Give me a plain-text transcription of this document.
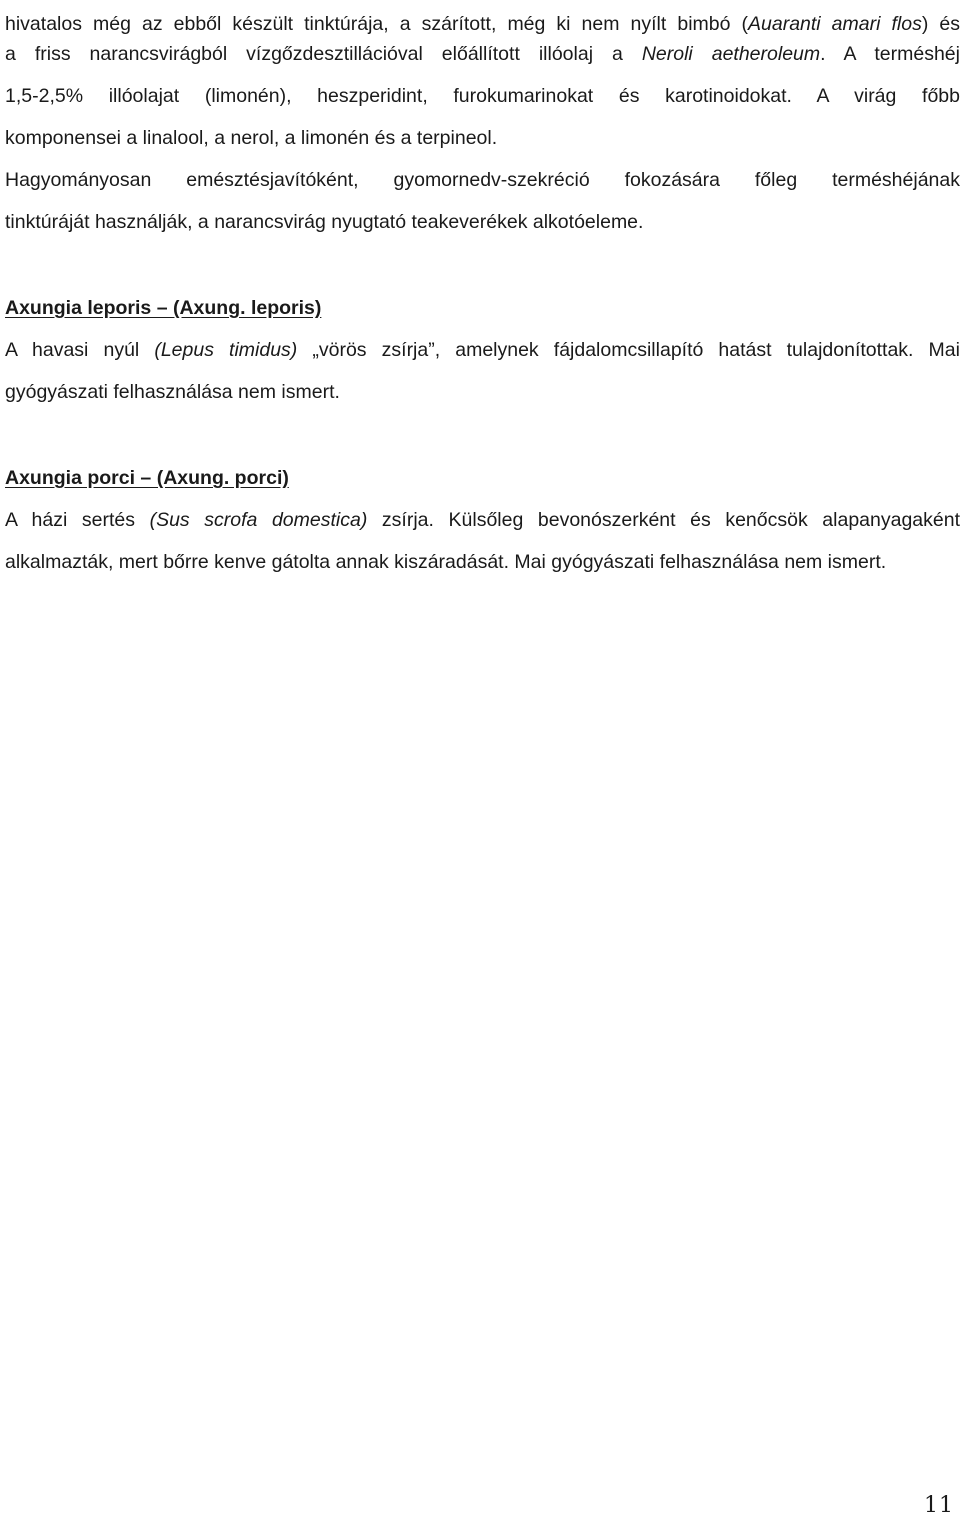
hivatalos még az ebből készült tinktúrája, a szárított, még ki nem nyílt bimbó (Auaranti amari flos) és
a friss narancsvirágból vízgőzdesztillációval előállított illóolaj a Neroli aetheroleum. A terméshéj
1,5-2,5% illóolajat (limonén), heszperidint, furokumarinokat és karotinoidokat. A virág főbb
komponensei a linalool, a nerol, a limonén és a terpineol.
Hagyományosan emésztésjavítóként, gyomornedv-szekréció fokozására főleg terméshéjának
tinktúráját használják, a narancsvirág nyugtató teakeverékek alkotóeleme.
Axungia leporis – (Axung. leporis)
A havasi nyúl (Lepus timidus) „vörös zsírja”, amelynek fájdalomcsillapító hatást tulajdonítottak. Mai
gyógyászati felhasználása nem ismert.
Axungia porci – (Axung. porci)
A házi sertés (Sus scrofa domestica) zsírja. Külsőleg bevonószerként és kenőcsök alapanyagaként
alkalmazták, mert bőrre kenve gátolta annak kiszáradását. Mai gyógyászati felhasználása nem ismert.
11
